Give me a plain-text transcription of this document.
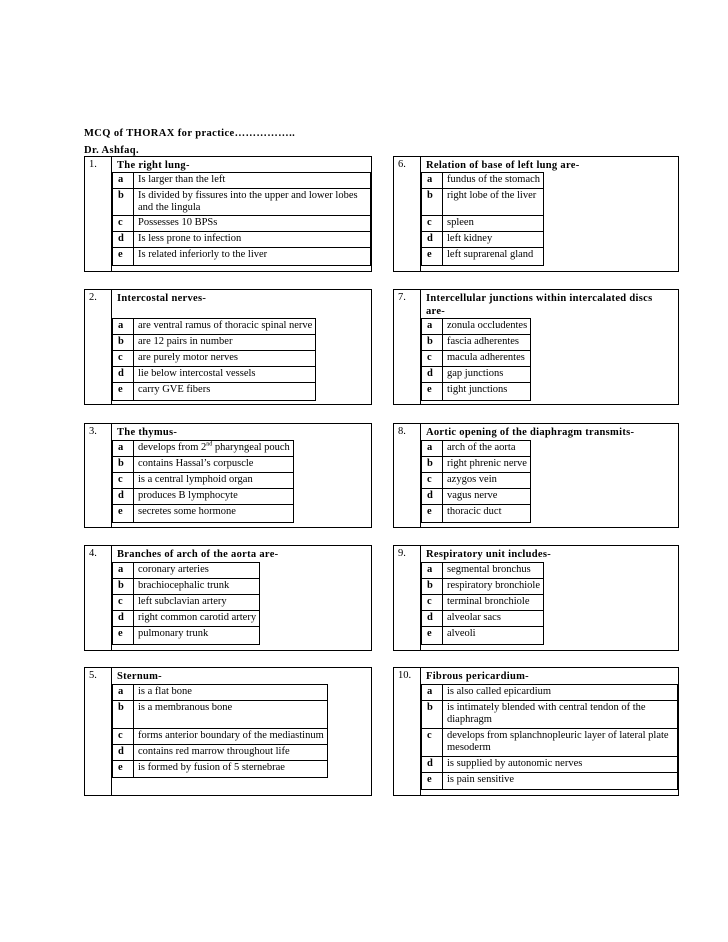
MCQ of THORAX for practice……………..
Dr. Ashfaq.
1.	The right lung-
a	Is larger than the left
b	Is divided by fissures into the upper and lower lobes and the lingula
c	Possesses 10 BPSs
d	Is less prone to infection
e	Is related inferiorly to the liver
6.	Relation of base of left lung are-
a	fundus of the stomach
b	right lobe of the liver
c	spleen
d	left kidney
e	left suprarenal gland
2.	Intercostal nerves-
a	are ventral ramus of thoracic spinal nerve
b	are 12 pairs in number
c	are purely motor nerves
d	lie below intercostal vessels
e	carry GVE fibers
7.	Intercellular junctions within intercalated discs are-
a	zonula occludentes
b	fascia adherentes
c	macula adherentes
d	gap junctions
e	tight junctions
3.	The thymus-
a	develops from 2nd pharyngeal pouch
b	contains Hassal’s corpuscle
c	is a central lymphoid organ
d	produces B lymphocyte
e	secretes some hormone
8.	Aortic opening of the diaphragm transmits-
a	arch of the aorta
b	right phrenic nerve
c	azygos vein
d	vagus nerve
e	thoracic duct
4.	Branches of arch of the aorta are-
a	coronary arteries
b	brachiocephalic trunk
c	left subclavian artery
d	right common carotid artery
e	pulmonary trunk
9.	Respiratory unit includes-
a	segmental bronchus
b	respiratory bronchiole
c	terminal bronchiole
d	alveolar sacs
e	alveoli
5.	Sternum-
a	is a flat bone
b	is a membranous bone
c	forms anterior boundary of the mediastinum
d	contains red marrow throughout life
e	is formed by fusion of 5 sternebrae
10.	Fibrous pericardium-
a	is also called epicardium
b	is intimately blended with central tendon of the diaphragm
c	develops from splanchnopleuric layer of lateral plate mesoderm
d	is supplied by autonomic nerves
e	is pain sensitive
